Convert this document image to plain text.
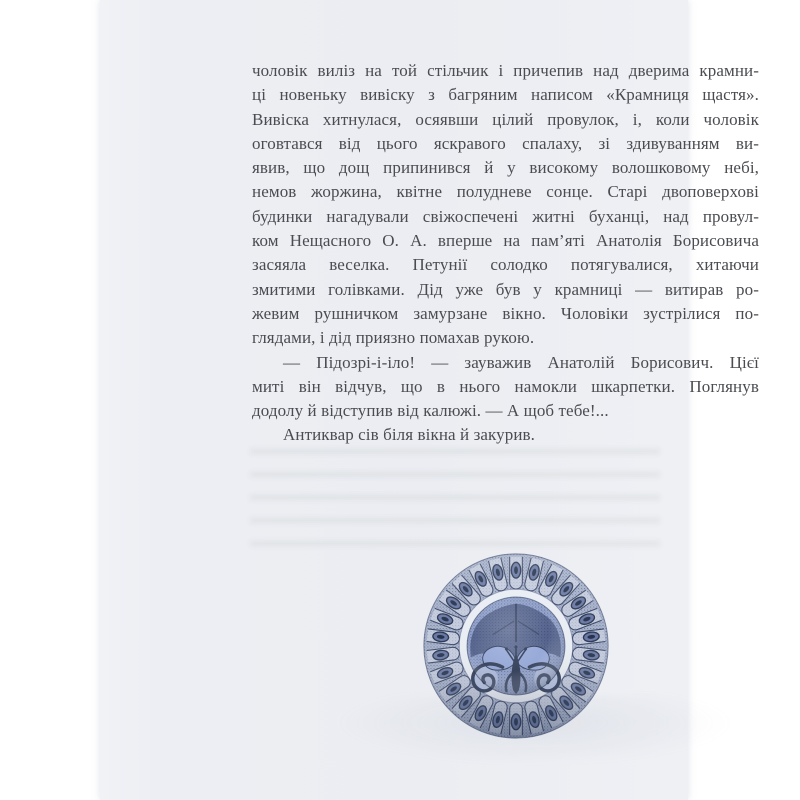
чоловік виліз на той стільчик і причепив над дверима крамни-
ці новеньку вивіску з багряним написом «Крамниця щастя».
Вивіска хитнулася, осяявши цілий провулок, і, коли чоловік
оговтався від цього яскравого спалаху, зі здивуванням ви-
явив, що дощ припинився й у високому волошковому небі,
немов жоржина, квітне полудневе сонце. Старі двоповерхові
будинки нагадували свіжоспечені житні буханці, над провул-
ком Нещасного О. А. вперше на пам’яті Анатолія Борисовича
засяяла веселка. Петунії солодко потягувалися, хитаючи
змитими голівками. Дід уже був у крамниці — витирав ро-
жевим рушничком замурзане вікно. Чоловіки зустрілися по-
глядами, і дід приязно помахав рукою.
— Підозрі-і-іло! — зауважив Анатолій Борисович. Цієї
миті він відчув, що в нього намокли шкарпетки. Поглянув
додолу й відступив від калюжі. — А щоб тебе!...
Антиквар сів біля вікна й закурив.
